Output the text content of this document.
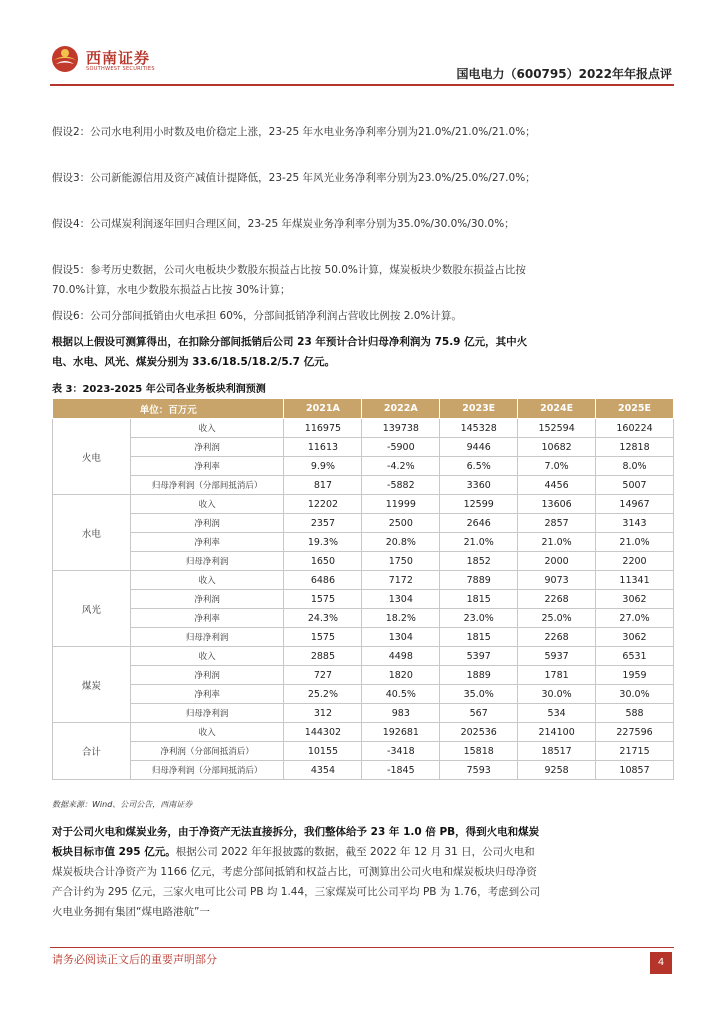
西南证券
SOUTHWEST SECURITIES	国电电力（600795）2022年年报点评
假设2：公司水电利用小时数及电价稳定上涨，23-25 年水电业务净利率分别为21.0%/21.0%/21.0%；
假设3：公司新能源信用及资产减值计提降低，23-25 年风光业务净利率分别为23.0%/25.0%/27.0%；
假设4：公司煤炭利润逐年回归合理区间，23-25 年煤炭业务净利率分别为35.0%/30.0%/30.0%；
假设5：参考历史数据，公司火电板块少数股东损益占比按 50.0%计算，煤炭板块少数股东损益占比按 70.0%计算，水电少数股东损益占比按 30%计算；
假设6：公司分部间抵销由火电承担 60%，分部间抵销净利润占营收比例按 2.0%计算。
根据以上假设可测算得出，在扣除分部间抵销后公司 23 年预计合计归母净利润为 75.9 亿元，其中火电、水电、风光、煤炭分别为 33.6/18.5/18.2/5.7 亿元。
表 3：2023-2025 年公司各业务板块利润预测
单位：百万元		2021A	2022A	2023E	2024E	2025E
火电	收入	116975	139738	145328	152594	160224
	净利润	11613	-5900	9446	10682	12818
	净利率	9.9%	-4.2%	6.5%	7.0%	8.0%
	归母净利润（分部间抵消后）	817	-5882	3360	4456	5007
水电	收入	12202	11999	12599	13606	14967
	净利润	2357	2500	2646	2857	3143
	净利率	19.3%	20.8%	21.0%	21.0%	21.0%
	归母净利润	1650	1750	1852	2000	2200
风光	收入	6486	7172	7889	9073	11341
	净利润	1575	1304	1815	2268	3062
	净利率	24.3%	18.2%	23.0%	25.0%	27.0%
	归母净利润	1575	1304	1815	2268	3062
煤炭	收入	2885	4498	5397	5937	6531
	净利润	727	1820	1889	1781	1959
	净利率	25.2%	40.5%	35.0%	30.0%	30.0%
	归母净利润	312	983	567	534	588
合计	收入	144302	192681	202536	214100	227596
	净利润（分部间抵消后）	10155	-3418	15818	18517	21715
	归母净利润（分部间抵消后）	4354	-1845	7593	9258	10857
数据来源：Wind、公司公告，西南证券
对于公司火电和煤炭业务，由于净资产无法直接拆分，我们整体给予 23 年 1.0 倍 PB，得到火电和煤炭板块目标市值 295 亿元。根据公司 2022 年年报披露的数据，截至 2022 年 12 月 31 日，公司火电和煤炭板块合计净资产为 1166 亿元，考虑分部间抵销和权益占比，可测算出公司火电和煤炭板块归母净资产合计约为 295 亿元，三家火电可比公司 PB 均 1.44，三家煤炭可比公司平均 PB 为 1.76，考虑到公司火电业务拥有集团“煤电路港航”一
请务必阅读正文后的重要声明部分	4
